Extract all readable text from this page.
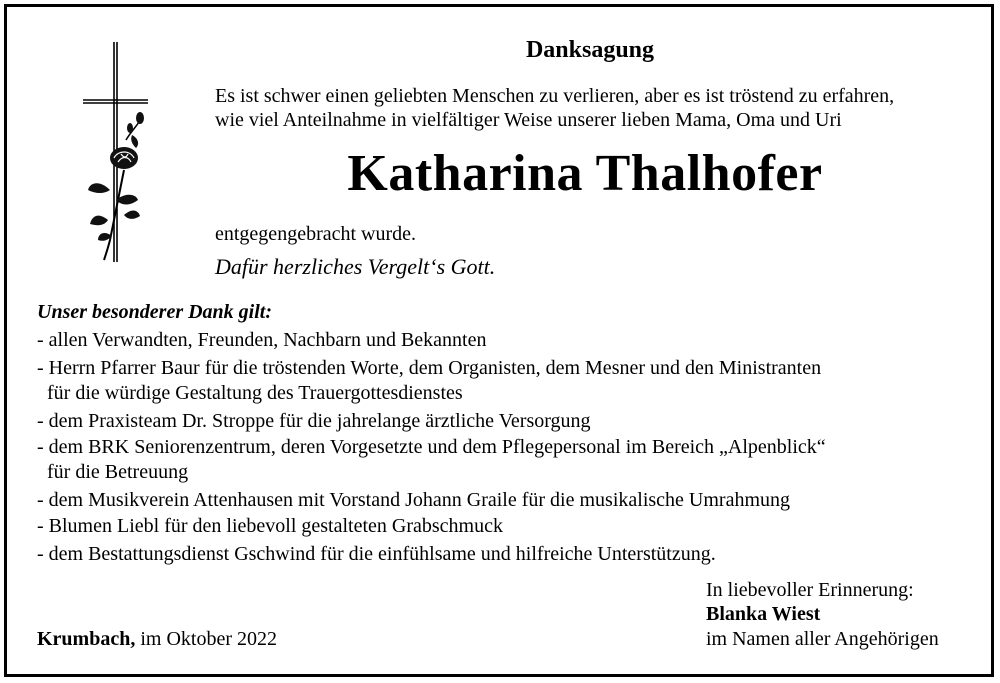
Danksagung
Es ist schwer einen geliebten Menschen zu verlieren, aber es ist tröstend zu erfahren,
wie viel Anteilnahme in vielfältiger Weise unserer lieben Mama, Oma und Uri
Katharina Thalhofer
entgegengebracht wurde.
Dafür herzliches Vergelt‘s Gott.
Unser besonderer Dank gilt:
- allen Verwandten, Freunden, Nachbarn und Bekannten
- Herrn Pfarrer Baur für die tröstenden Worte, dem Organisten, dem Mesner und den Ministranten
für die würdige Gestaltung des Trauergottesdienstes
- dem Praxisteam Dr. Stroppe für die jahrelange ärztliche Versorgung
- dem BRK Seniorenzentrum, deren Vorgesetzte und dem Pflegepersonal im Bereich „Alpenblick“
für die Betreuung
- dem Musikverein Attenhausen mit Vorstand Johann Graile für die musikalische Umrahmung
- Blumen Liebl für den liebevoll gestalteten Grabschmuck
- dem Bestattungsdienst Gschwind für die einfühlsame und hilfreiche Unterstützung.
In liebevoller Erinnerung:
Blanka Wiest
im Namen aller Angehörigen
Krumbach, im Oktober 2022
